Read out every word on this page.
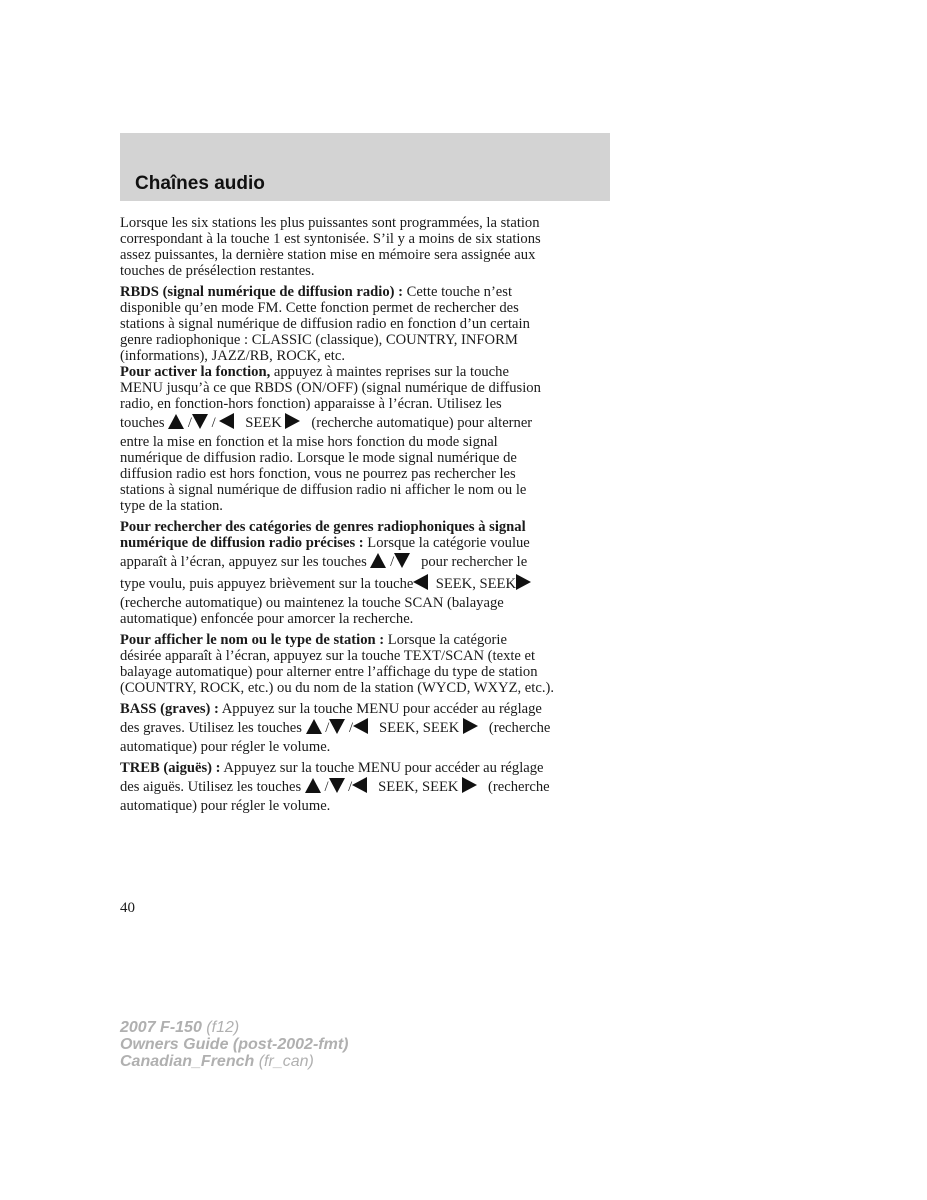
Chaînes audio

Lorsque les six stations les plus puissantes sont programmées, la station
correspondant à la touche 1 est syntonisée. S’il y a moins de six stations
assez puissantes, la dernière station mise en mémoire sera assignée aux
touches de présélection restantes.

RBDS (signal numérique de diffusion radio) : Cette touche n’est
disponible qu’en mode FM. Cette fonction permet de rechercher des
stations à signal numérique de diffusion radio en fonction d’un certain
genre radiophonique : CLASSIC (classique), COUNTRY, INFORM
(informations), JAZZ/RB, ROCK, etc.

Pour activer la fonction, appuyez à maintes reprises sur la touche
MENU jusqu’à ce que RBDS (ON/OFF) (signal numérique de diffusion
radio, en fonction-hors fonction) apparaisse à l’écran. Utilisez les
touches  / /    SEEK    (recherche automatique) pour alterner
entre la mise en fonction et la mise hors fonction du mode signal
numérique de diffusion radio. Lorsque le mode signal numérique de
diffusion radio est hors fonction, vous ne pourrez pas rechercher les
stations à signal numérique de diffusion radio ni afficher le nom ou le
type de la station.

Pour rechercher des catégories de genres radiophoniques à signal
numérique de diffusion radio précises : Lorsque la catégorie voulue
apparaît à l’écran, appuyez sur les touches  /   pour rechercher le
type voulu, puis appuyez brièvement sur la touche  SEEK, SEEK
(recherche automatique) ou maintenez la touche SCAN (balayage
automatique) enfoncée pour amorcer la recherche.

Pour afficher le nom ou le type de station : Lorsque la catégorie
désirée apparaît à l’écran, appuyez sur la touche TEXT/SCAN (texte et
balayage automatique) pour alterner entre l’affichage du type de station
(COUNTRY, ROCK, etc.) ou du nom de la station (WYCD, WXYZ, etc.).

BASS (graves) : Appuyez sur la touche MENU pour accéder au réglage
des graves. Utilisez les touches  / /   SEEK, SEEK    (recherche
automatique) pour régler le volume.

TREB (aiguës) : Appuyez sur la touche MENU pour accéder au réglage
des aiguës. Utilisez les touches  / /   SEEK, SEEK    (recherche
automatique) pour régler le volume.

40
2007 F-150 (f12)
Owners Guide (post-2002-fmt)
Canadian_French (fr_can)
